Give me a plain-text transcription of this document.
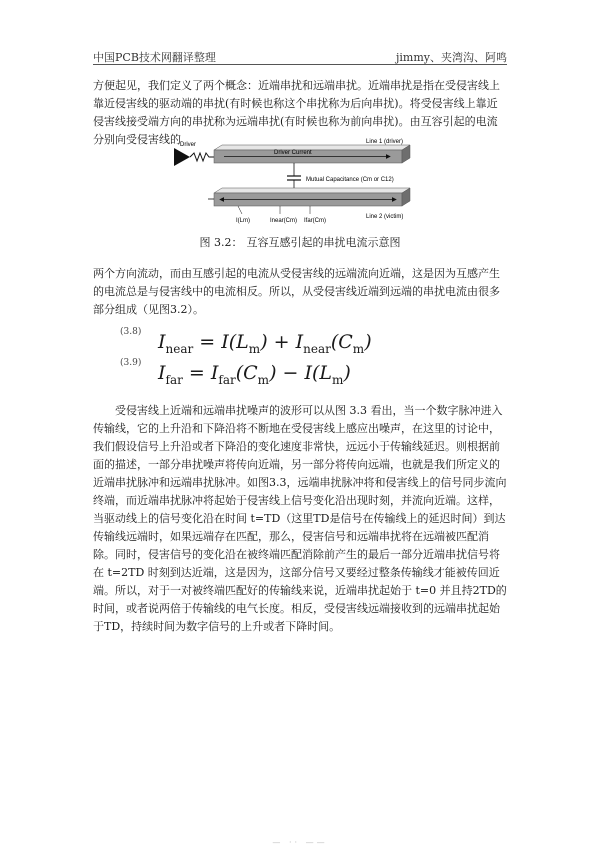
中国PCB技术网翻译整理	jimmy、夹湾沟、阿鸣

方便起见，我们定义了两个概念：近端串扰和远端串扰。近端串扰是指在受侵害线上靠近侵害线的驱动端的串扰(有时候也称这个串扰称为后向串扰)。将受侵害线上靠近侵害线接受端方向的串扰称为远端串扰(有时候也称为前向串扰)。由互容引起的电流分别向受侵害线的 Driver	Line 1 (driver)
Driver Current
Mutual Capacitance (Cm or C12)
I(Lm)	Inear(Cm) Ifar(Cm)
Line 2 (victim)
图 3.2： 互容互感引起的串扰电流示意图

两个方向流动，而由互感引起的电流从受侵害线的远端流向近端，这是因为互感产生的电流总是与侵害线中的电流相反。所以，从受侵害线近端到远端的串扰电流由很多部分组成（见图3.2）。

(3.8) $I_{near} = I(L_m) + I_{near}(C_m)$
(3.9) $I_{far} = I_{far}(C_m) - I(L_m)$

受侵害线上近端和远端串扰噪声的波形可以从图 3.3 看出，当一个数字脉冲进入传输线，它的上升沿和下降沿将不断地在受侵害线上感应出噪声，在这里的讨论中，我们假设信号上升沿或者下降沿的变化速度非常快，远远小于传输线延迟。则根据前面的描述，一部分串扰噪声将传向近端，另一部分将传向远端，也就是我们所定义的近端串扰脉冲和远端串扰脉冲。如图3.3，远端串扰脉冲将和侵害线上的信号同步流向终端，而近端串扰脉冲将起始于侵害线上信号变化沿出现时刻，并流向近端。这样，当驱动线上的信号变化沿在时间 t=TD（这里TD是信号在传输线上的延迟时间）到达传输线远端时，如果远端存在匹配，那么，侵害信号和远端串扰将在远端被匹配消除。同时，侵害信号的变化沿在被终端匹配消除前产生的最后一部分近端串扰信号将在 t=2TD 时刻到达近端，这是因为，这部分信号又要经过整条传输线才能被传回近端。所以，对于一对被终端匹配好的传输线来说，近端串扰起始于 t=0 并且持2TD的时间，或者说两倍于传输线的电气长度。相反，受侵害线远端接收到的远端串扰起始于TD，持续时间为数字信号的上升或者下降时间。

— ·· ——
